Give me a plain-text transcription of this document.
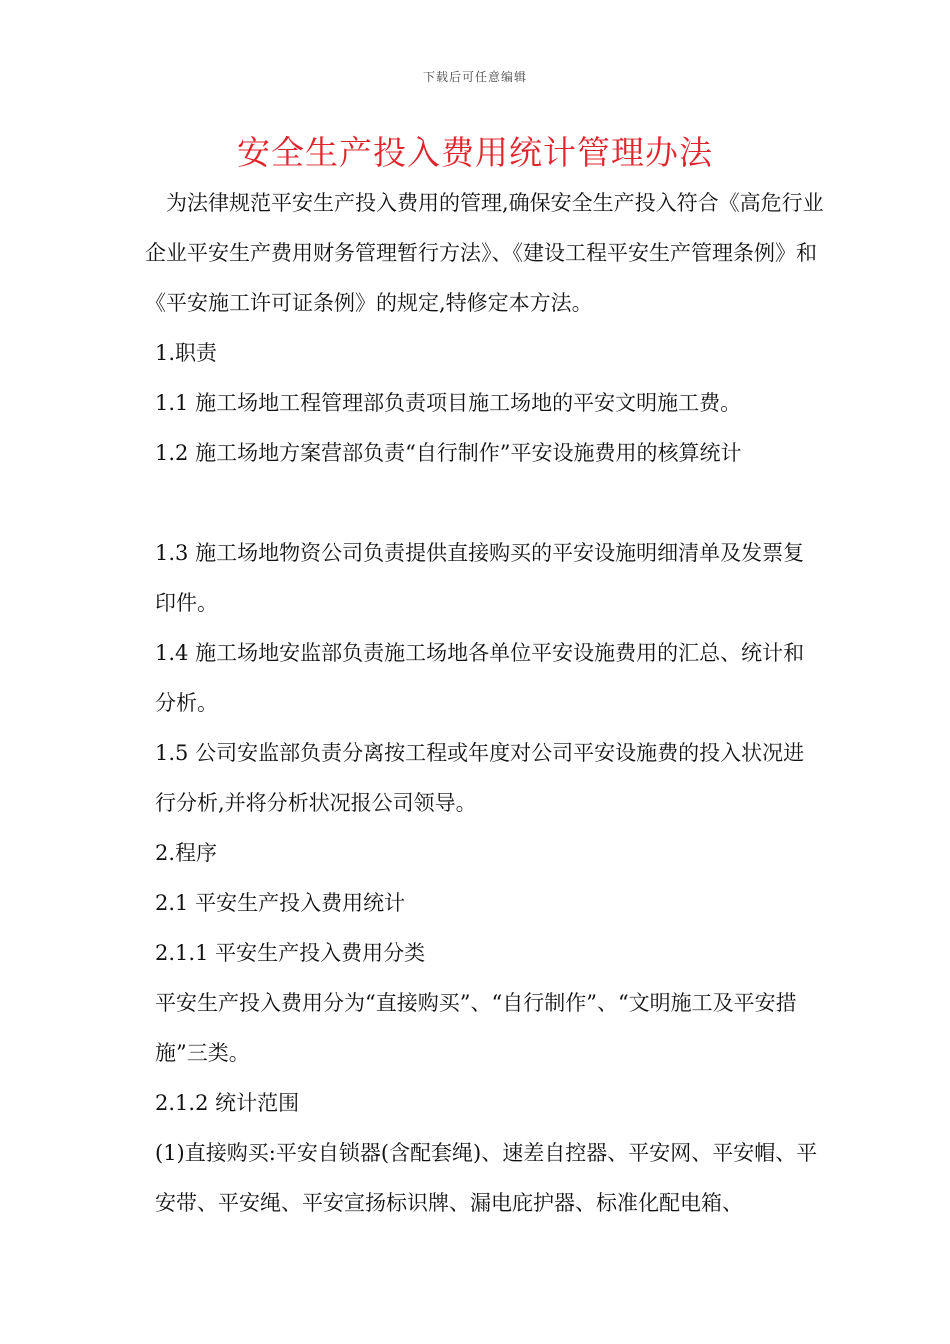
下载后可任意编辑
安全生产投入费用统计管理办法

为法律规范平安生产投入费用的管理,确保安全生产投入符合《高危行业企业平安生产费用财务管理暂行方法》、《建设工程平安生产管理条例》和《平安施工许可证条例》的规定,特修定本方法。

1.职责

1.1 施工场地工程管理部负责项目施工场地的平安文明施工费。

1.2 施工场地方案营部负责“自行制作”平安设施费用的核算统计

1.3 施工场地物资公司负责提供直接购买的平安设施明细清单及发票复印件。

1.4 施工场地安监部负责施工场地各单位平安设施费用的汇总、统计和分析。

1.5 公司安监部负责分离按工程或年度对公司平安设施费的投入状况进行分析,并将分析状况报公司领导。

2.程序

2.1 平安生产投入费用统计

2.1.1 平安生产投入费用分类

平安生产投入费用分为“直接购买”、“自行制作”、“文明施工及平安措施”三类。

2.1.2 统计范围

(1)直接购买:平安自锁器(含配套绳)、速差自控器、平安网、平安帽、平安带、平安绳、平安宣扬标识牌、漏电庇护器、标准化配电箱、
